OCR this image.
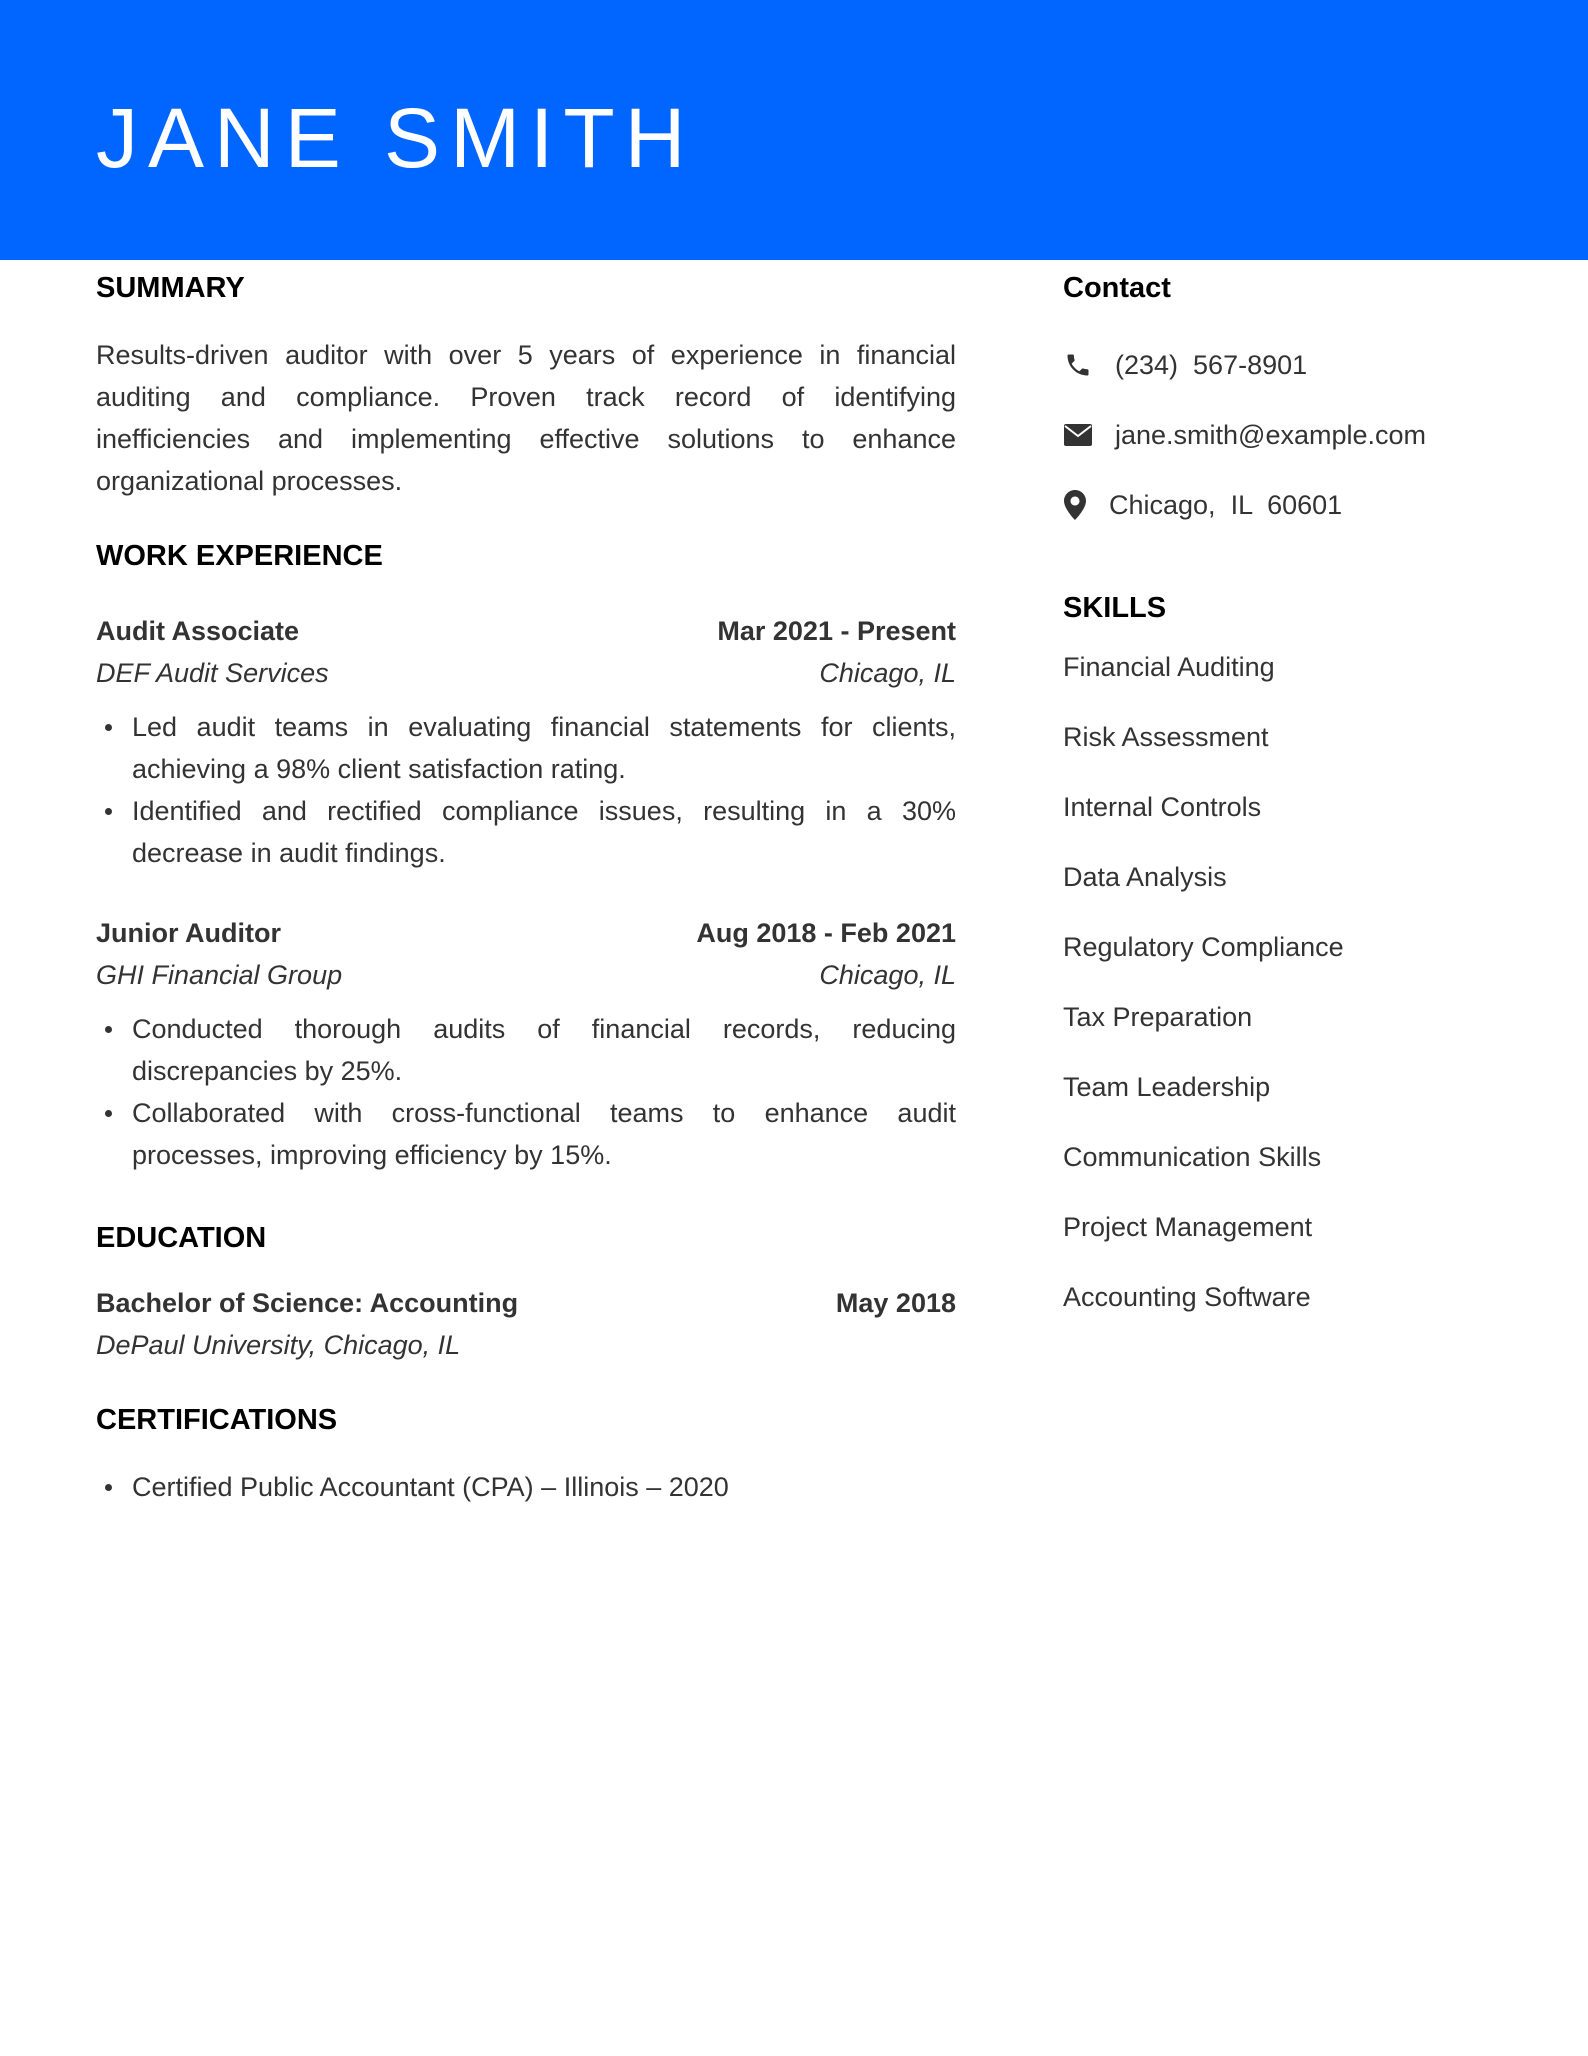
JANE SMITH
SUMMARY

Results-driven auditor with over 5 years of experience in financial auditing and compliance. Proven track record of identifying inefficiencies and implementing effective solutions to enhance organizational processes.

WORK EXPERIENCE
Audit Associate	Mar 2021 - Present
DEF Audit Services	Chicago, IL
Led audit teams in evaluating financial statements for clients, achieving a 98% client satisfaction rating.
Identified and rectified compliance issues, resulting in a 30% decrease in audit findings.
Junior Auditor	Aug 2018 - Feb 2021
GHI Financial Group	Chicago, IL
Conducted thorough audits of financial records, reducing discrepancies by 25%.
Collaborated with cross-functional teams to enhance audit processes, improving efficiency by 15%.
EDUCATION
Bachelor of Science: Accounting	May 2018
DePaul University, Chicago, IL
CERTIFICATIONS
Certified Public Accountant (CPA) – Illinois – 2020
Contact
(234)  567-8901
jane.smith@example.com
Chicago,  IL  60601
SKILLS
Financial Auditing
Risk Assessment
Internal Controls
Data Analysis
Regulatory Compliance
Tax Preparation
Team Leadership
Communication Skills
Project Management
Accounting Software
